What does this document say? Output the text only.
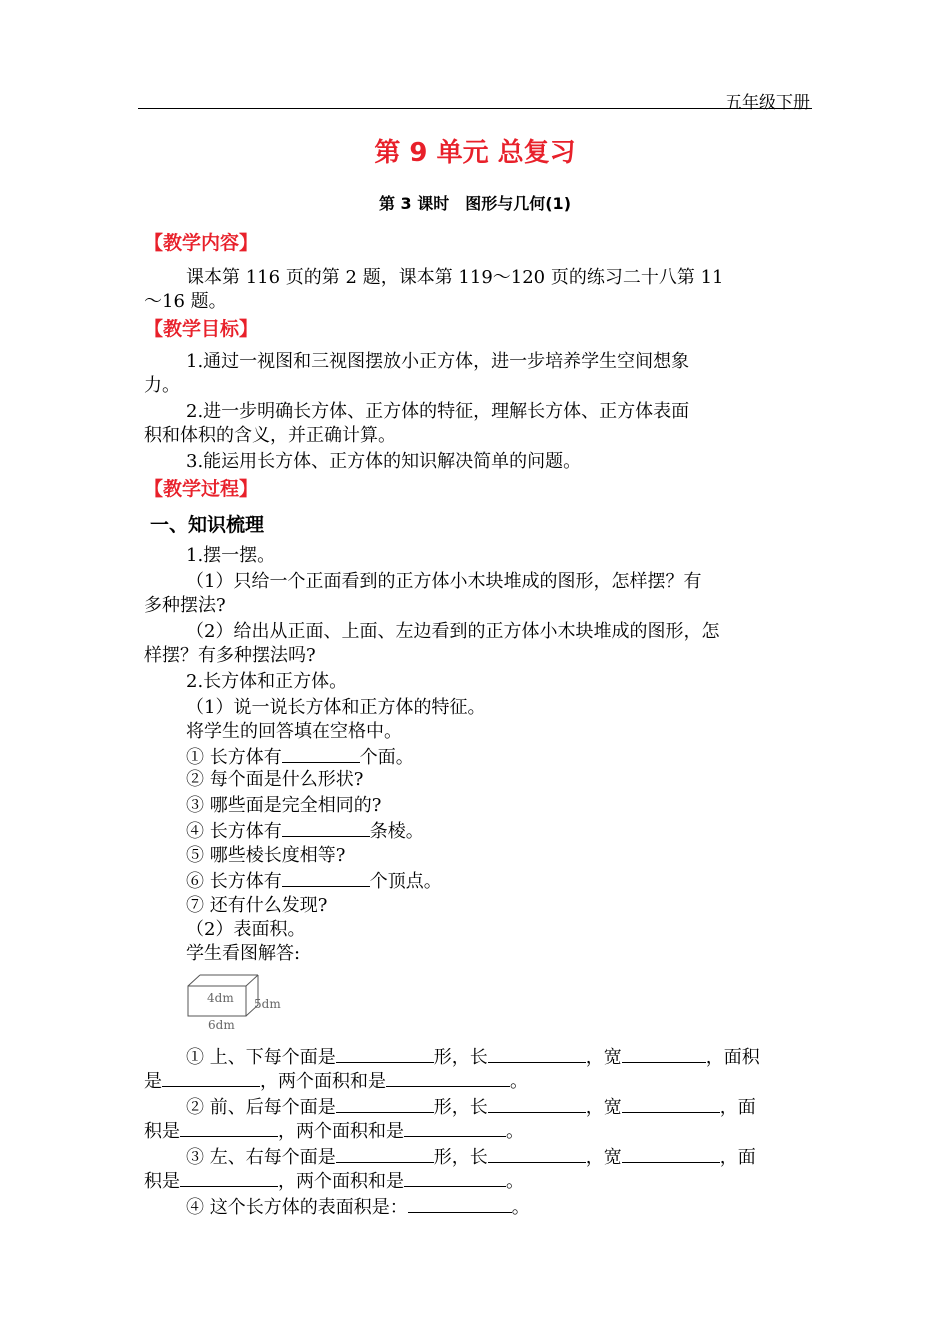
五年级下册
第 9 单元 总复习
第 3 课时　图形与几何(1)
【教学内容】
课本第 116 页的第 2 题，课本第 119～120 页的练习二十八第 11
～16 题。
【教学目标】
1.通过一视图和三视图摆放小正方体，进一步培养学生空间想象
力。
2.进一步明确长方体、正方体的特征，理解长方体、正方体表面
积和体积的含义，并正确计算。
3.能运用长方体、正方体的知识解决简单的问题。
【教学过程】
一、知识梳理
1.摆一摆。
（1）只给一个正面看到的正方体小木块堆成的图形，怎样摆？有
多种摆法?
（2）给出从正面、上面、左边看到的正方体小木块堆成的图形，怎
样摆？有多种摆法吗?
2.长方体和正方体。
（1）说一说长方体和正方体的特征。
将学生的回答填在空格中。
① 长方体有	个面。
② 每个面是什么形状?
③ 哪些面是完全相同的?
④ 长方体有	条棱。
⑤ 哪些棱长度相等?
⑥ 长方体有	个顶点。
⑦ 还有什么发现?
（2）表面积。
学生看图解答:
4dm 5dm
6dm
① 上、下每个面是	形，长	，宽	，面积
是	，两个面积和是	。
② 前、后每个面是	形，长	，宽	，面
积是	，两个面积和是	。
③ 左、右每个面是	形，长	，宽	，面
积是	，两个面积和是	。
④ 这个长方体的表面积是：	。
